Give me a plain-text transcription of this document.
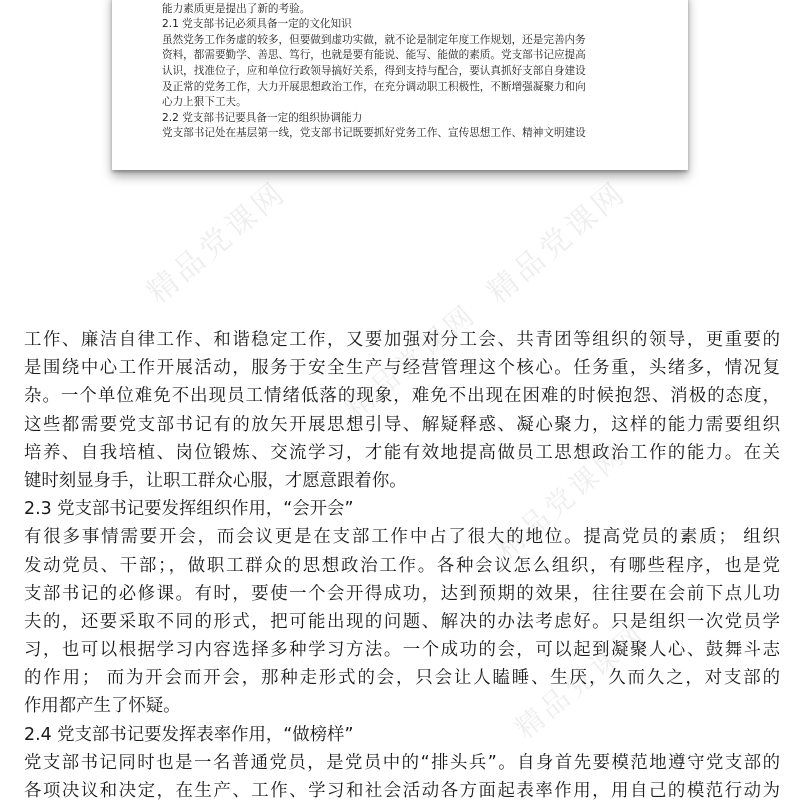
精品党课网	精品党课网
精品党课网
精品党课网
精品党课网
能力素质更是提出了新的考验。
2.1 党支部书记必须具备一定的文化知识
虽然党务工作务虚的较多，但要做到虚功实做，就不论是制定年度工作规划，还是完善内务
资料，都需要勤学、善思、笃行，也就是要有能说、能写、能做的素质。党支部书记应提高
认识，找准位子，应和单位行政领导搞好关系，得到支持与配合，要认真抓好支部自身建设
及正常的党务工作，大力开展思想政治工作，在充分调动职工积极性，不断增强凝聚力和向
心力上狠下工夫。
2.2 党支部书记要具备一定的组织协调能力
党支部书记处在基层第一线，党支部书记既要抓好党务工作、宣传思想工作、精神文明建设
工作、廉洁自律工作、和谐稳定工作，又要加强对分工会、共青团等组织的领导，更重要的
是围绕中心工作开展活动，服务于安全生产与经营管理这个核心。任务重，头绪多，情况复
杂。一个单位难免不出现员工情绪低落的现象，难免不出现在困难的时候抱怨、消极的态度，
这些都需要党支部书记有的放矢开展思想引导、解疑释惑、凝心聚力，这样的能力需要组织
培养、自我培植、岗位锻炼、交流学习，才能有效地提高做员工思想政治工作的能力。在关
键时刻显身手，让职工群众心服，才愿意跟着你。
2.3 党支部书记要发挥组织作用，“会开会”
有很多事情需要开会，而会议更是在支部工作中占了很大的地位。提高党员的素质； 组织
发动党员、干部；，做职工群众的思想政治工作。各种会议怎么组织，有哪些程序，也是党
支部书记的必修课。有时，要使一个会开得成功，达到预期的效果，往往要在会前下点儿功
夫的，还要采取不同的形式，把可能出现的问题、解决的办法考虑好。只是组织一次党员学
习，也可以根据学习内容选择多种学习方法。一个成功的会，可以起到凝聚人心、鼓舞斗志
的作用； 而为开会而开会，那种走形式的会，只会让人瞌睡、生厌，久而久之，对支部的
作用都产生了怀疑。
2.4 党支部书记要发挥表率作用，“做榜样”
党支部书记同时也是一名普通党员，是党员中的“排头兵”。自身首先要模范地遵守党支部的
各项决议和决定，在生产、工作、学习和社会活动各方面起表率作用，用自己的模范行动为
